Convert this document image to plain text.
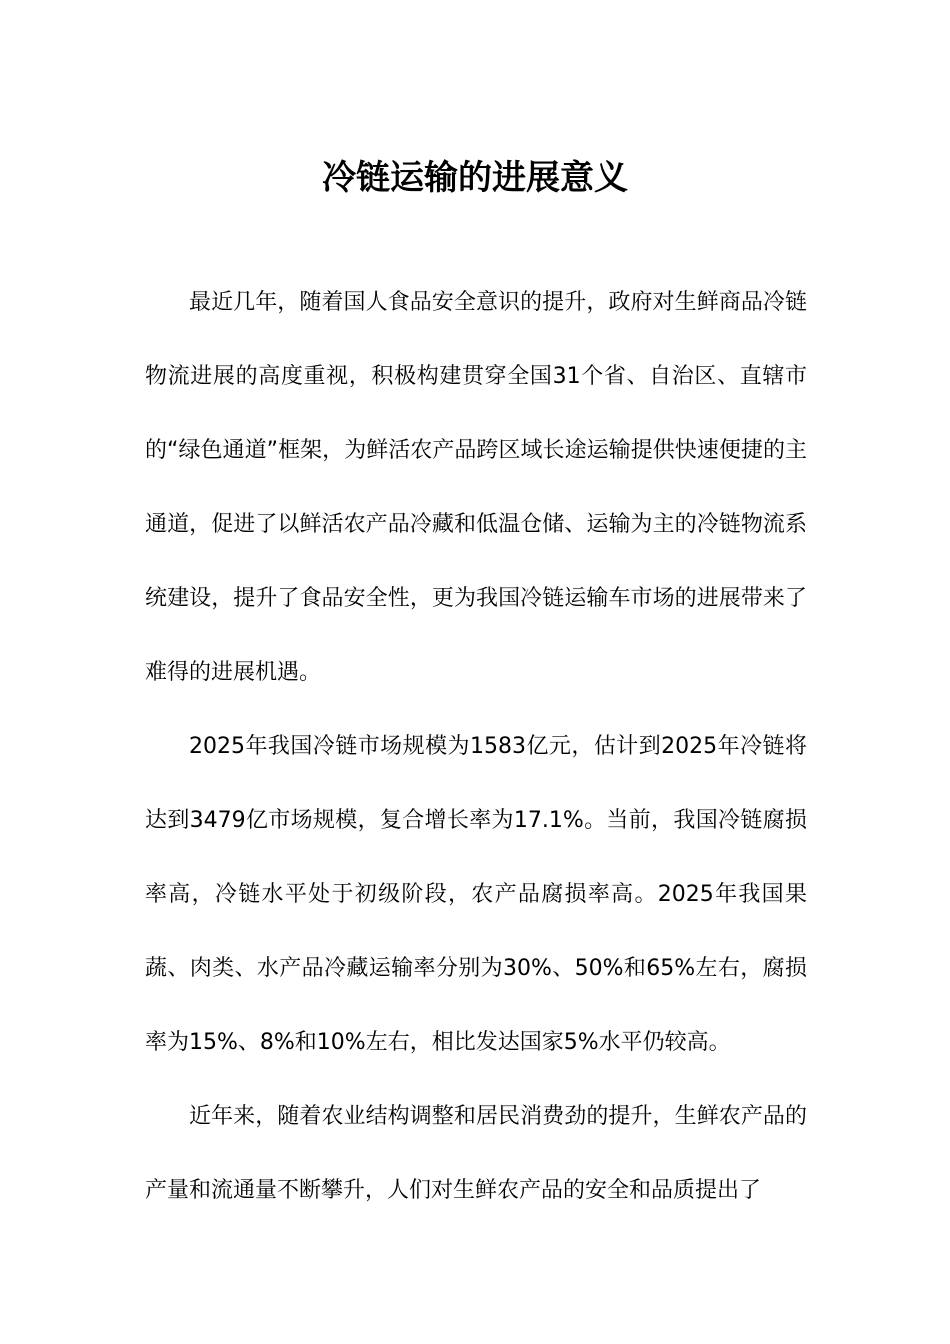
冷链运输的进展意义

最近几年，随着国人食品安全意识的提升，政府对生鲜商品冷链物流进展的高度重视，积极构建贯穿全国31个省、自治区、直辖市的“绿色通道”框架，为鲜活农产品跨区域长途运输提供快速便捷的主通道，促进了以鲜活农产品冷藏和低温仓储、运输为主的冷链物流系统建设，提升了食品安全性，更为我国冷链运输车市场的进展带来了难得的进展机遇。

2025年我国冷链市场规模为1583亿元，估计到2025年冷链将达到3479亿市场规模，复合增长率为17.1%。当前，我国冷链腐损率高，冷链水平处于初级阶段，农产品腐损率高。2025年我国果蔬、肉类、水产品冷藏运输率分别为30%、50%和65%左右，腐损率为15%、8%和10%左右，相比发达国家5%水平仍较高。

近年来，随着农业结构调整和居民消费劲的提升，生鲜农产品的产量和流通量不断攀升，人们对生鲜农产品的安全和品质提出了
